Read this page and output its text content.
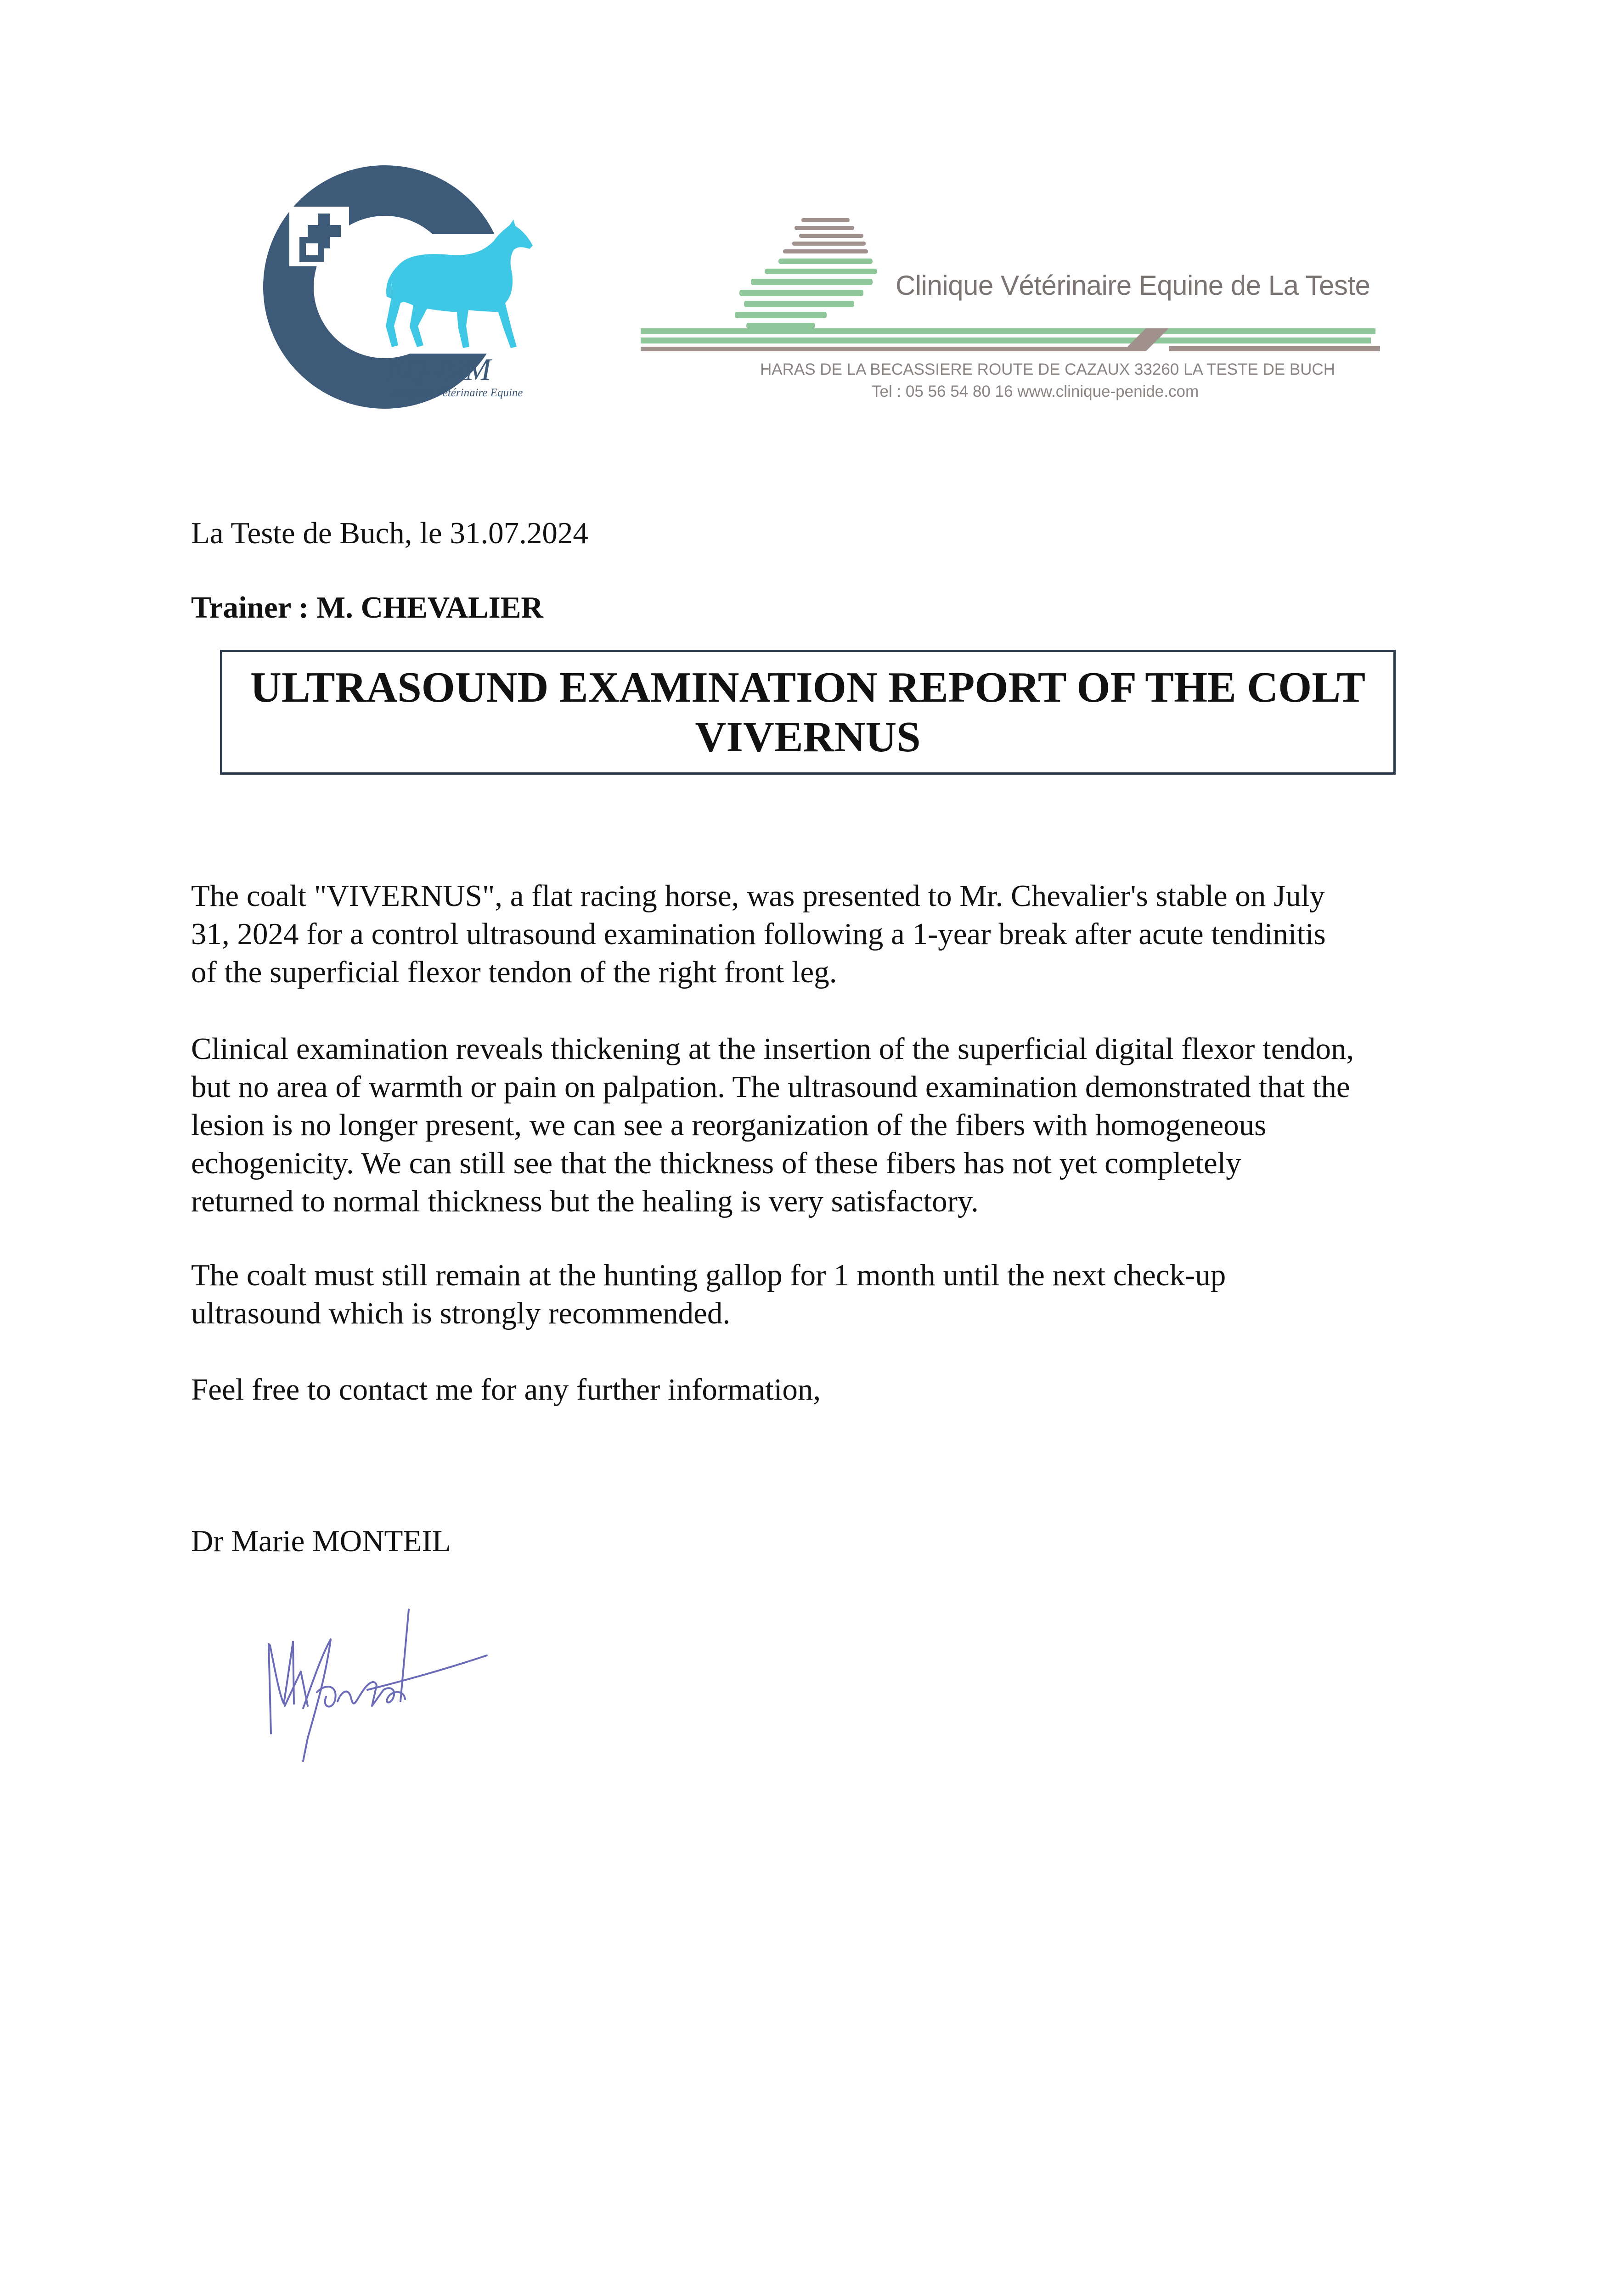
EQ-IRM
Imagerie Vétérinaire Equine
Clinique Vétérinaire Equine de La Teste
HARAS DE LA BECASSIERE ROUTE DE CAZAUX 33260 LA TESTE DE BUCH
Tel : 05 56 54 80 16 www.clinique-penide.com
La Teste de Buch, le 31.07.2024
Trainer : M. CHEVALIER
ULTRASOUND EXAMINATION REPORT OF THE COLT VIVERNUS
The coalt "VIVERNUS", a flat racing horse, was presented to Mr. Chevalier's stable on July
31, 2024 for a control ultrasound examination following a 1-year break after acute tendinitis
of the superficial flexor tendon of the right front leg.
Clinical examination reveals thickening at the insertion of the superficial digital flexor tendon,
but no area of warmth or pain on palpation. The ultrasound examination demonstrated that the
lesion is no longer present, we can see a reorganization of the fibers with homogeneous
echogenicity. We can still see that the thickness of these fibers has not yet completely
returned to normal thickness but the healing is very satisfactory.
The coalt must still remain at the hunting gallop for 1 month until the next check-up
ultrasound which is strongly recommended.
Feel free to contact me for any further information,
Dr Marie MONTEIL
